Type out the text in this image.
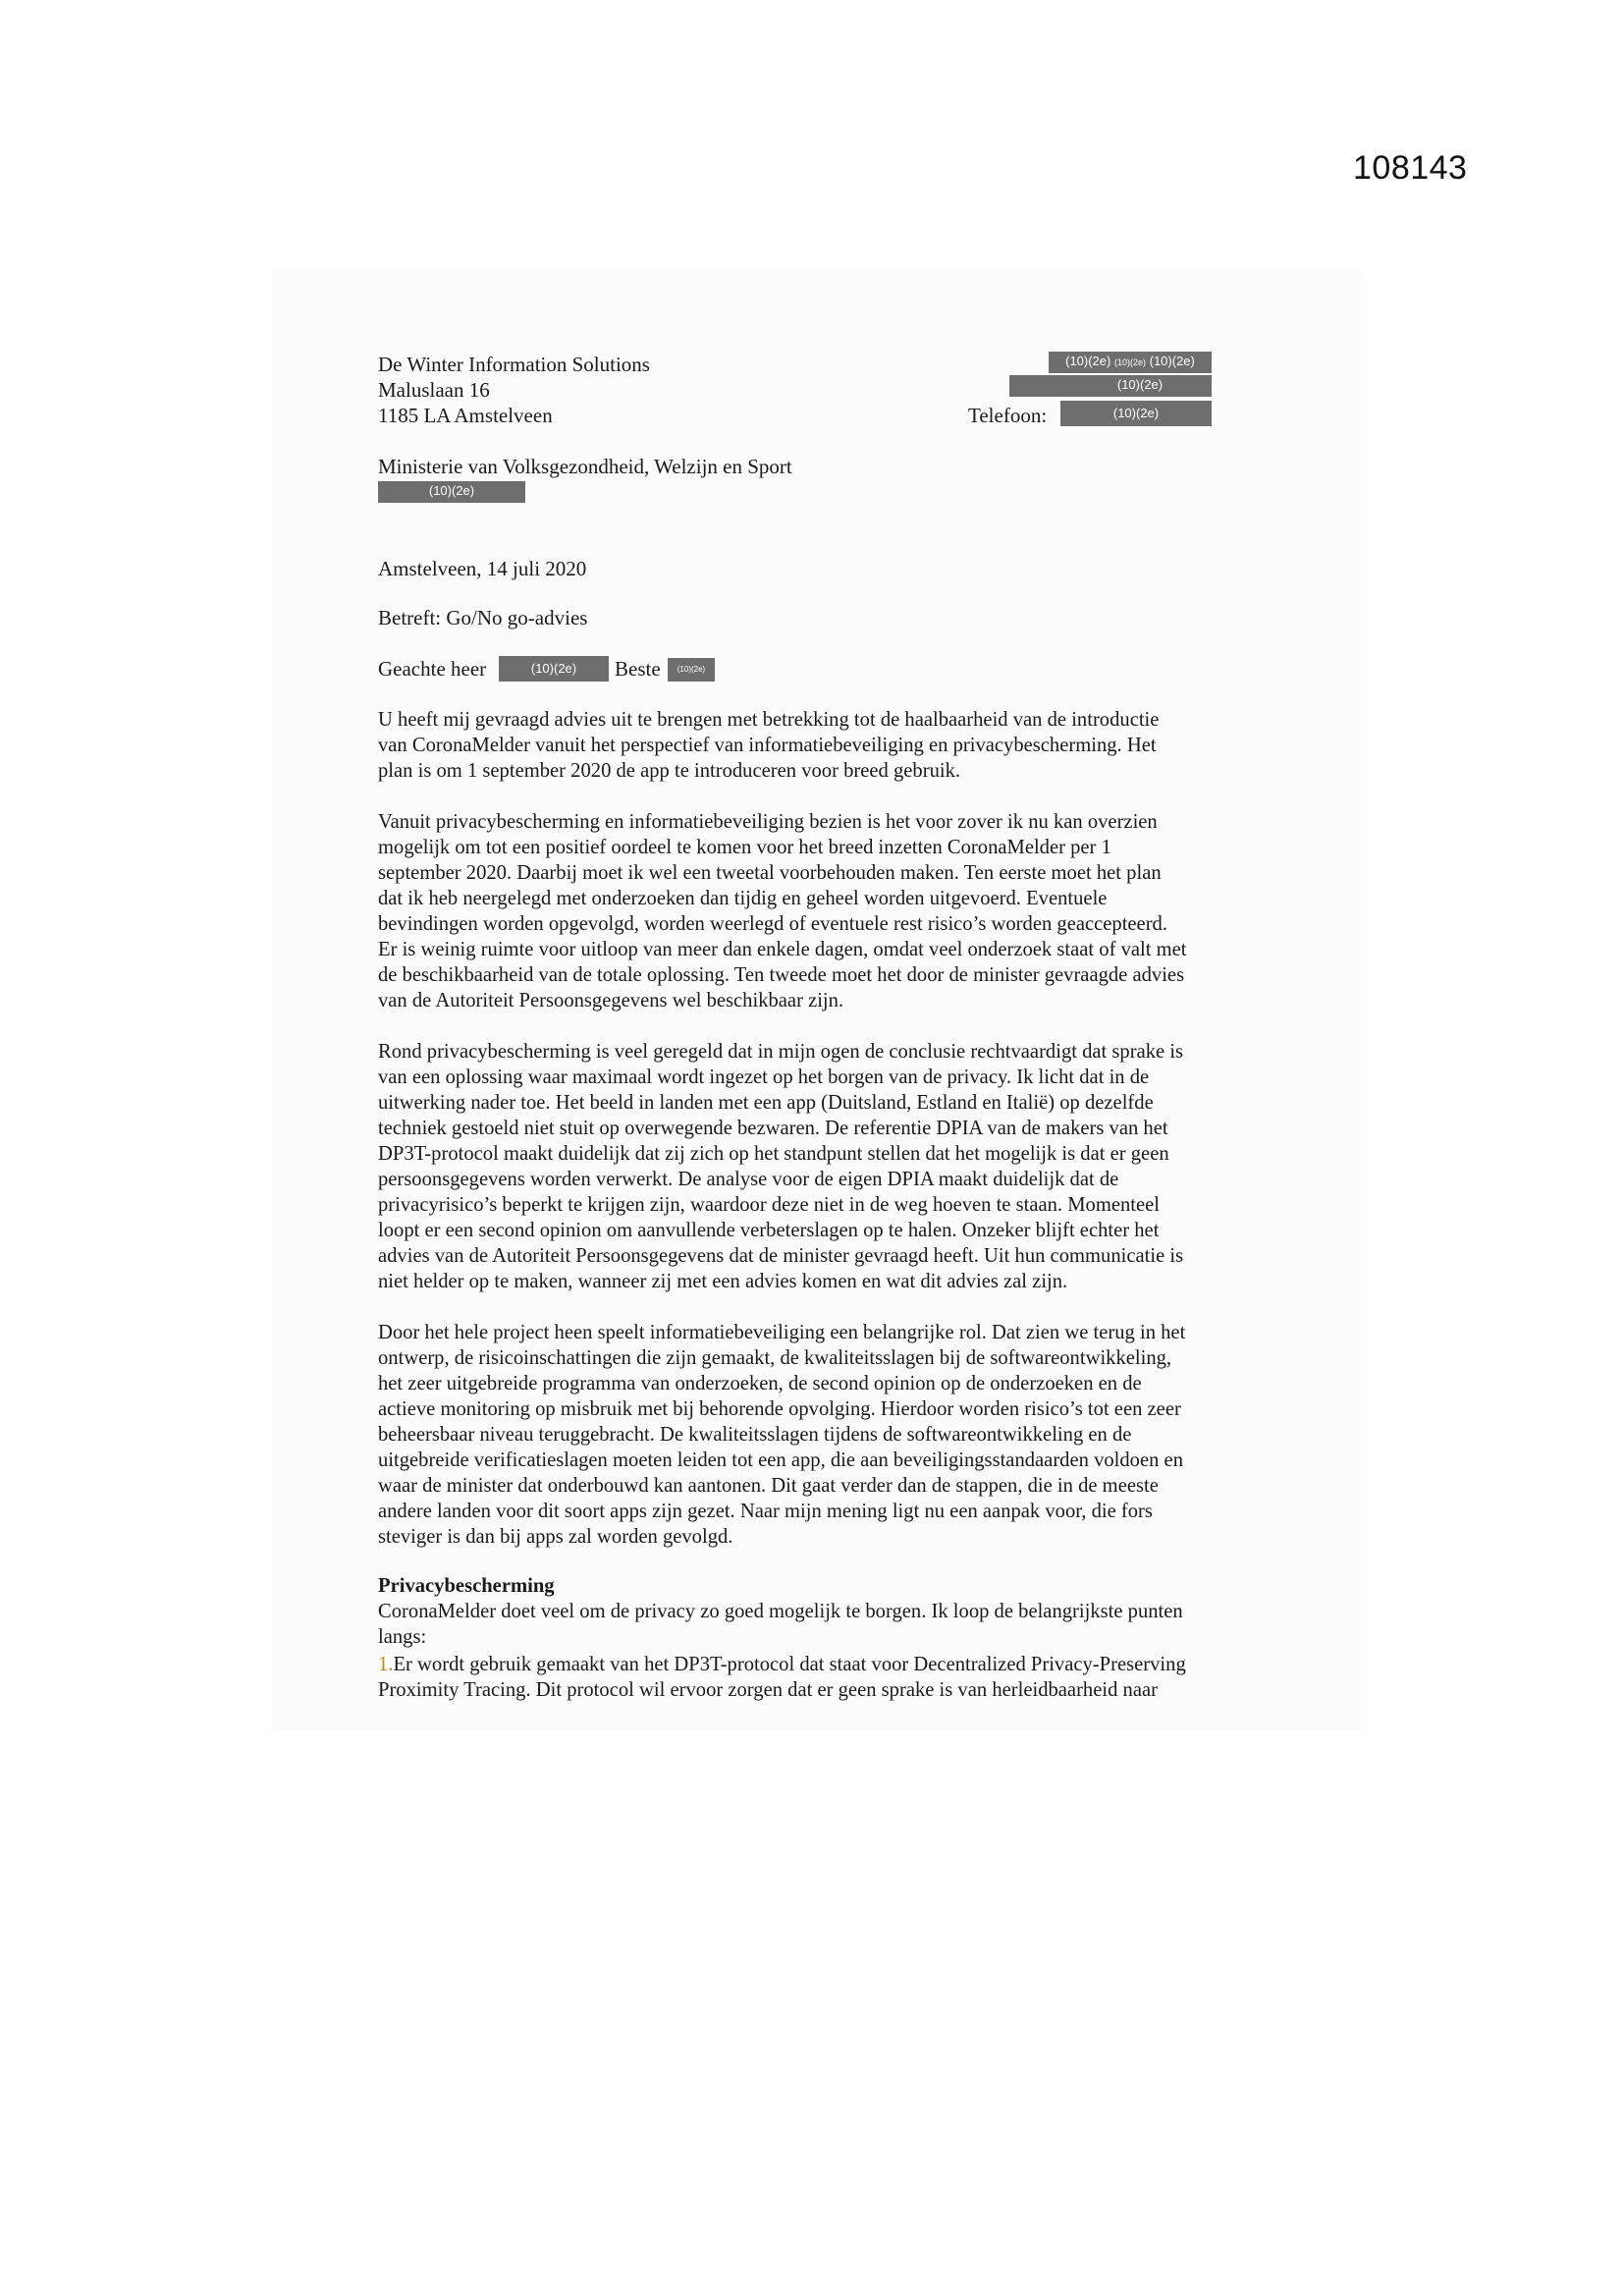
108143
De Winter Information Solutions
Maluslaan 16
1185 LA Amstelveen
(10)(2e) (10)(2e) (10)(2e)
(10)(2e)
Telefoon:	(10)(2e)
Ministerie van Volksgezondheid, Welzijn en Sport
(10)(2e)
Amstelveen, 14 juli 2020
Betreft: Go/No go-advies
Geachte heer	(10)(2e)	Beste	(10)(2e)
U heeft mij gevraagd advies uit te brengen met betrekking tot de haalbaarheid van de introductie
van CoronaMelder vanuit het perspectief van informatiebeveiliging en privacybescherming. Het
plan is om 1 september 2020 de app te introduceren voor breed gebruik.
Vanuit privacybescherming en informatiebeveiliging bezien is het voor zover ik nu kan overzien
mogelijk om tot een positief oordeel te komen voor het breed inzetten CoronaMelder per 1
september 2020. Daarbij moet ik wel een tweetal voorbehouden maken. Ten eerste moet het plan
dat ik heb neergelegd met onderzoeken dan tijdig en geheel worden uitgevoerd. Eventuele
bevindingen worden opgevolgd, worden weerlegd of eventuele rest risico’s worden geaccepteerd.
Er is weinig ruimte voor uitloop van meer dan enkele dagen, omdat veel onderzoek staat of valt met
de beschikbaarheid van de totale oplossing. Ten tweede moet het door de minister gevraagde advies
van de Autoriteit Persoonsgegevens wel beschikbaar zijn.
Rond privacybescherming is veel geregeld dat in mijn ogen de conclusie rechtvaardigt dat sprake is
van een oplossing waar maximaal wordt ingezet op het borgen van de privacy. Ik licht dat in de
uitwerking nader toe. Het beeld in landen met een app (Duitsland, Estland en Italië) op dezelfde
techniek gestoeld niet stuit op overwegende bezwaren. De referentie DPIA van de makers van het
DP3T-protocol maakt duidelijk dat zij zich op het standpunt stellen dat het mogelijk is dat er geen
persoonsgegevens worden verwerkt. De analyse voor de eigen DPIA maakt duidelijk dat de
privacyrisico’s beperkt te krijgen zijn, waardoor deze niet in de weg hoeven te staan. Momenteel
loopt er een second opinion om aanvullende verbeterslagen op te halen. Onzeker blijft echter het
advies van de Autoriteit Persoonsgegevens dat de minister gevraagd heeft. Uit hun communicatie is
niet helder op te maken, wanneer zij met een advies komen en wat dit advies zal zijn.
Door het hele project heen speelt informatiebeveiliging een belangrijke rol. Dat zien we terug in het
ontwerp, de risicoinschattingen die zijn gemaakt, de kwaliteitsslagen bij de softwareontwikkeling,
het zeer uitgebreide programma van onderzoeken, de second opinion op de onderzoeken en de
actieve monitoring op misbruik met bij behorende opvolging. Hierdoor worden risico’s tot een zeer
beheersbaar niveau teruggebracht. De kwaliteitsslagen tijdens de softwareontwikkeling en de
uitgebreide verificatieslagen moeten leiden tot een app, die aan beveiligingsstandaarden voldoen en
waar de minister dat onderbouwd kan aantonen. Dit gaat verder dan de stappen, die in de meeste
andere landen voor dit soort apps zijn gezet. Naar mijn mening ligt nu een aanpak voor, die fors
steviger is dan bij apps zal worden gevolgd.
Privacybescherming
CoronaMelder doet veel om de privacy zo goed mogelijk te borgen. Ik loop de belangrijkste punten
langs:
1.Er wordt gebruik gemaakt van het DP3T-protocol dat staat voor Decentralized Privacy-Preserving
Proximity Tracing. Dit protocol wil ervoor zorgen dat er geen sprake is van herleidbaarheid naar
